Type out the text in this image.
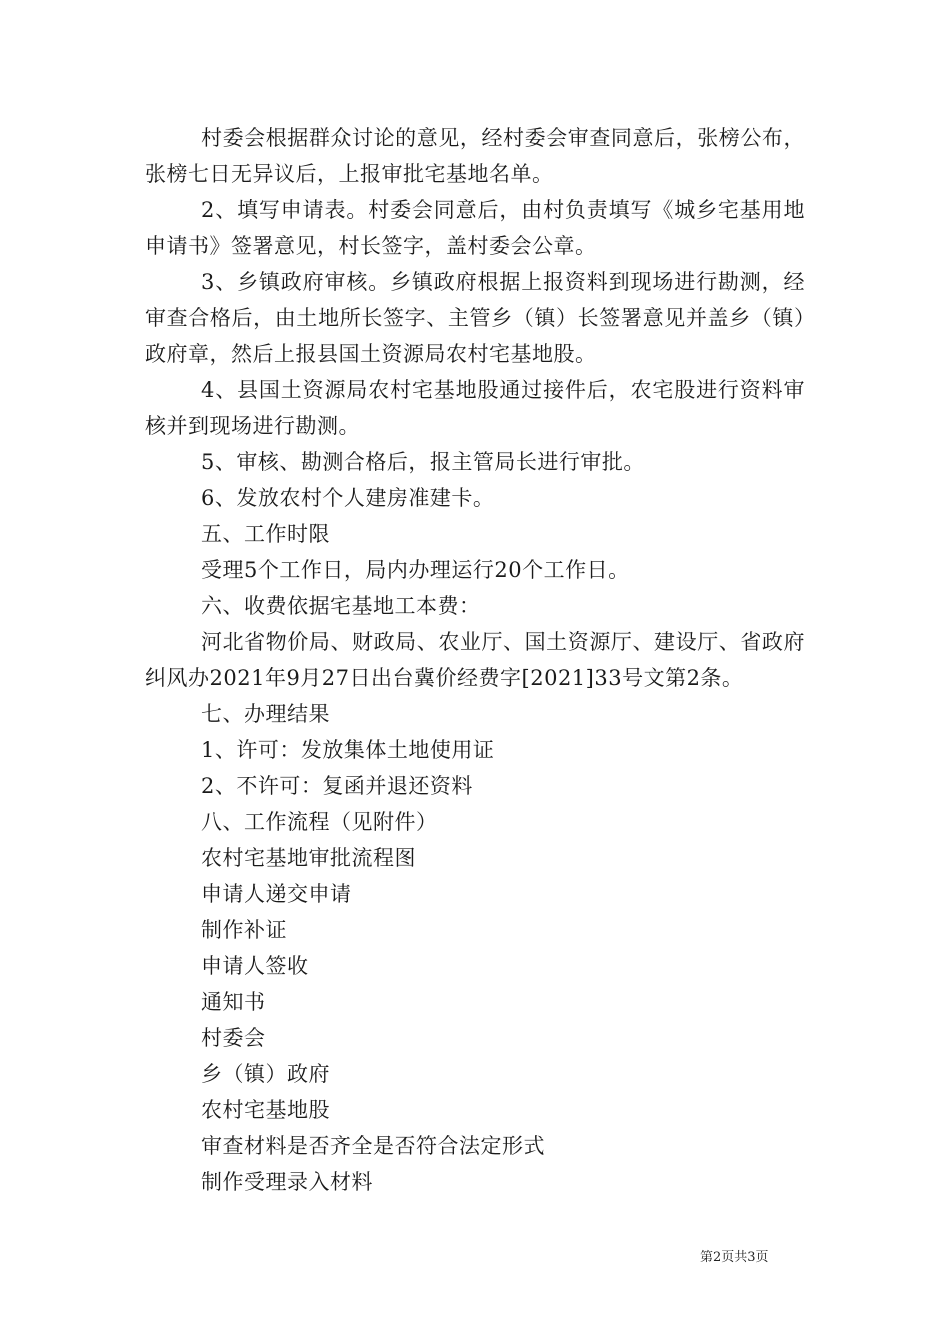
村委会根据群众讨论的意见，经村委会审查同意后，张榜公布，张榜七日无异议后，上报审批宅基地名单。

2、填写申请表。村委会同意后，由村负责填写《城乡宅基用地申请书》签署意见，村长签字，盖村委会公章。

3、乡镇政府审核。乡镇政府根据上报资料到现场进行勘测，经审查合格后，由土地所长签字、主管乡（镇）长签署意见并盖乡（镇）政府章，然后上报县国土资源局农村宅基地股。

4、县国土资源局农村宅基地股通过接件后，农宅股进行资料审核并到现场进行勘测。

5、审核、勘测合格后，报主管局长进行审批。

6、发放农村个人建房准建卡。

五、工作时限

受理5个工作日，局内办理运行20个工作日。

六、收费依据宅基地工本费：

河北省物价局、财政局、农业厅、国土资源厅、建设厅、省政府纠风办2021年9月27日出台冀价经费字[2021]33号文第2条。

七、办理结果

1、许可：发放集体土地使用证

2、不许可：复函并退还资料

八、工作流程（见附件）

农村宅基地审批流程图

申请人递交申请

制作补证

申请人签收

通知书

村委会

乡（镇）政府

农村宅基地股

审查材料是否齐全是否符合法定形式

制作受理录入材料

第2页共3页
